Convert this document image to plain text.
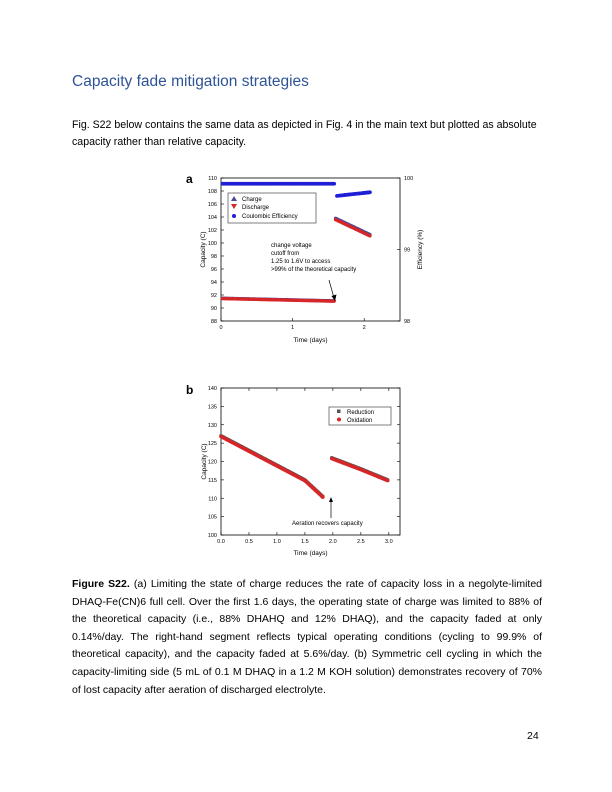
Capacity fade mitigation strategies

Fig. S22 below contains the same data as depicted in Fig. 4 in the main text but plotted as absolute capacity rather than relative capacity.

a
88
90
92
94
96
98
100
102
104
106
108
110
98
99
100
0	1	2
Time (days)
Capacity (C)	Efficiency (%)
Charge
Discharge
Coulombic Efficiency
change voltage
cutoff from
1.25 to 1.6V to access
>99% of the theoretical capacity
b
100
105
110
115
120
125
130
135
140
0.0	0.5	1.0	1.5	2.0	2.5	3.0
Time (days)
Capacity (C)
Reduction
Oxidation
Aeration recovers capacity

Figure S22. (a) Limiting the state of charge reduces the rate of capacity loss in a negolyte-limited DHAQ-Fe(CN)6 full cell. Over the first 1.6 days, the operating state of charge was limited to 88% of the theoretical capacity (i.e., 88% DHAHQ and 12% DHAQ), and the capacity faded at only 0.14%/day. The right-hand segment reflects typical operating conditions (cycling to 99.9% of theoretical capacity), and the capacity faded at 5.6%/day. (b) Symmetric cell cycling in which the capacity-limiting side (5 mL of 0.1 M DHAQ in a 1.2 M KOH solution) demonstrates recovery of 70% of lost capacity after aeration of discharged electrolyte.

24
